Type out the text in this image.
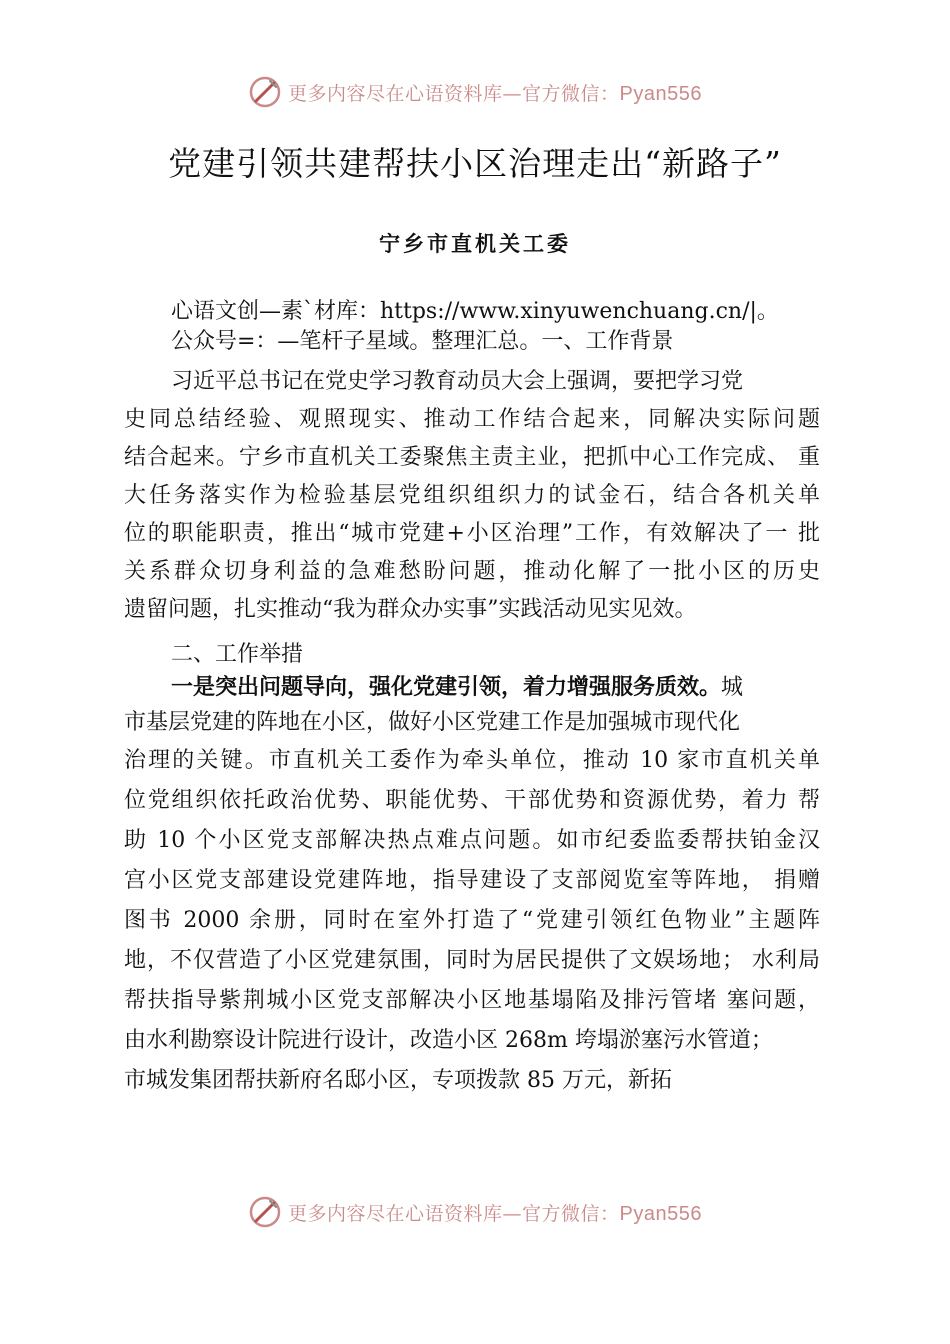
更多内容尽在心语资料库—官方微信：Pyan556
党建引领共建帮扶小区治理走出“新路子”
宁乡市直机关工委
心语文创—素`材库：https://www.xinyuwenchuang.cn/|。
公众号=：—笔杆子星域。整理汇总。一、工作背景
习近平总书记在党史学习教育动员大会上强调，要把学习党
史同总结经验、观照现实、推动工作结合起来，同解决实际问题
结合起来。宁乡市直机关工委聚焦主责主业，把抓中心工作完成、 重
大任务落实作为检验基层党组织组织力的试金石，结合各机关单
位的职能职责，推出“城市党建+小区治理”工作，有效解决了一 批
关系群众切身利益的急难愁盼问题，推动化解了一批小区的历史
遗留问题，扎实推动“我为群众办实事”实践活动见实见效。
二、工作举措
一是突出问题导向，强化党建引领，着力增强服务质效。城
市基层党建的阵地在小区，做好小区党建工作是加强城市现代化
治理的关键。市直机关工委作为牵头单位，推动 10 家市直机关单
位党组织依托政治优势、职能优势、干部优势和资源优势，着力 帮
助 10 个小区党支部解决热点难点问题。如市纪委监委帮扶铂金汉
宫小区党支部建设党建阵地，指导建设了支部阅览室等阵地， 捐赠
图书 2000 余册，同时在室外打造了“党建引领红色物业”主题阵
地，不仅营造了小区党建氛围，同时为居民提供了文娱场地； 水利局
帮扶指导紫荆城小区党支部解决小区地基塌陷及排污管堵 塞问题，
由水利勘察设计院进行设计，改造小区 268m 垮塌淤塞污水管道；
市城发集团帮扶新府名邸小区，专项拨款 85 万元，新拓
更多内容尽在心语资料库—官方微信：Pyan556
